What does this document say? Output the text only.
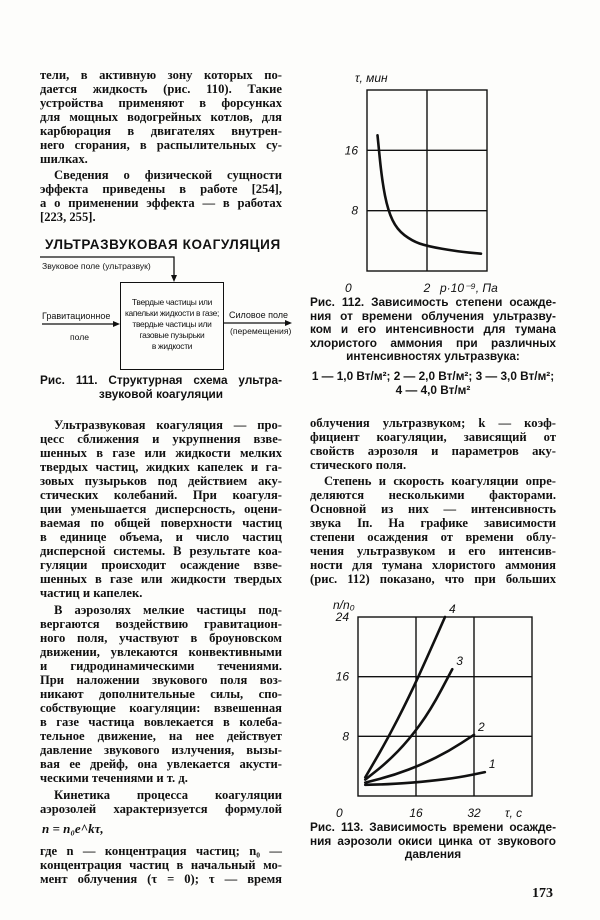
тели, в активную зону которых по-
дается жидкость (рис. 110). Такие
устройства применяют в форсунках
для мощных водогрейных котлов, для
карбюрация в двигателях внутрен-
него сгорания, в распылительных су-
шилках.
Сведения о физической сущности
эффекта приведены в работе [254],
а о применении эффекта — в работах
[223, 255].
УЛЬТРАЗВУКОВАЯ КОАГУЛЯЦИЯ
Звуковое поле (ультразвук)
Твердые частицы или
капельки жидкости в газе;
твердые частицы или
газовые пузырьки
в жидкости
Гравитационное
поле
Силовое поле
(перемещения)
Рис. 111. Структурная схема ультра-
звуковой коагуляции
Ультразвуковая коагуляция — про-
цесс сближения и укрупнения взве-
шенных в газе или жидкости мелких
твердых частиц, жидких капелек и га-
зовых пузырьков под действием аку-
стических колебаний. При коагуля-
ции уменьшается дисперсность, оцени-
ваемая по общей поверхности частиц
в единице объема, и число частиц
дисперсной системы. В результате коа-
гуляции происходит осаждение взве-
шенных в газе или жидкости твердых
частиц и капелек.
В аэрозолях мелкие частицы под-
вергаются воздействию гравитацион-
ного поля, участвуют в броуновском
движении, увлекаются конвективными
и гидродинамическими течениями.
При наложении звукового поля воз-
никают дополнительные силы, спо-
собствующие коагуляции: взвешенная
в газе частица вовлекается в колеба-
тельное движение, на нее действует
давление звукового излучения, вызы-
вая ее дрейф, она увлекается акусти-
ческими течениями и т. д.
Кинетика процесса коагуляции
аэрозолей характеризуется формулой
n = n₀e^kτ,
где n — концентрация частиц; n₀ —
концентрация частиц в начальный мо-
мент облучения (τ = 0); τ — время
8
16
2
0
τ, мин
p·10⁻⁹, Па
Рис. 112. Зависимость степени осажде-
ния от времени облучения ультразву-
ком и его интенсивности для тумана
хлористого аммония при различных
интенсивностях ультразвука:
1 — 1,0 Вт/м²; 2 — 2,0 Вт/м²; 3 — 3,0 Вт/м²;
4 — 4,0 Вт/м²
облучения ультразвуком; k — коэф-
фициент коагуляции, зависящий от
свойств аэрозоля и параметров аку-
стического поля.
Степень и скорость коагуляции опре-
деляются несколькими факторами.
Основной из них — интенсивность
звука Iп. На графике зависимости
степени осаждения от времени облу-
чения ультразвуком и его интенсив-
ности для тумана хлористого аммония
(рис. 112) показано, что при больших
8
16
24
16	32
0
n/n₀
τ, с
1
2
3
4
Рис. 113. Зависимость времени осажде-
ния аэрозоли окиси цинка от звукового
давления
173
